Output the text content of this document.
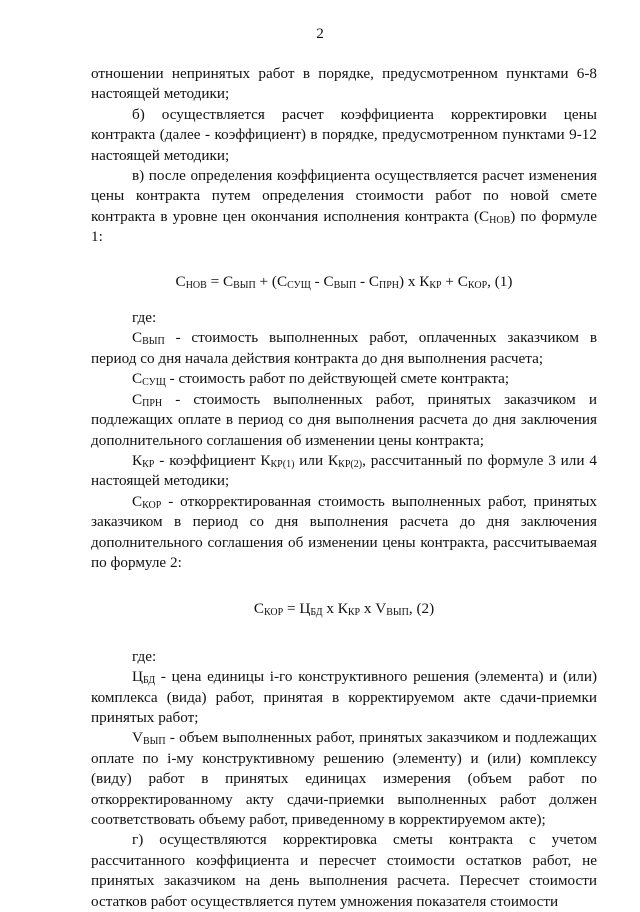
2

отношении непринятых работ в порядке, предусмотренном пунктами 6-8 настоящей методики;

б) осуществляется расчет коэффициента корректировки цены контракта (далее - коэффициент) в порядке, предусмотренном пунктами 9-12 настоящей методики;

в) после определения коэффициента осуществляется расчет изменения цены контракта путем определения стоимости работ по новой смете контракта в уровне цен окончания исполнения контракта $(С_{НОВ})$ по формуле 1:

$С_{НОВ} = С_{ВЫП} + (С_{СУЩ} - С_{ВЫП} - С_{ПРН})$ х $К_{КР} + С_{КОР}$, (1)

где:

$С_{ВЫП}$ - стоимость выполненных работ, оплаченных заказчиком в период со дня начала действия контракта до дня выполнения расчета;

$С_{СУЩ}$ - стоимость работ по действующей смете контракта;

$С_{ПРН}$ - стоимость выполненных работ, принятых заказчиком и подлежащих оплате в период со дня выполнения расчета до дня заключения дополнительного соглашения об изменении цены контракта;

$К_{КР}$ - коэффициент $К_{КР(1)}$ или $К_{КР(2)}$, рассчитанный по формуле 3 или 4 настоящей методики;

$С_{КОР}$ - откорректированная стоимость выполненных работ, принятых заказчиком в период со дня выполнения расчета до дня заключения дополнительного соглашения об изменении цены контракта, рассчитываемая по формуле 2:

$С_{КОР} = Ц_{БД}$ х $К_{КР}$ х $V_{ВЫП}$, (2)

где:

$Ц_{БД}$ - цена единицы i-го конструктивного решения (элемента) и (или) комплекса (вида) работ, принятая в корректируемом акте сдачи-приемки принятых работ;

$V_{ВЫП}$ - объем выполненных работ, принятых заказчиком и подлежащих оплате по i-му конструктивному решению (элементу) и (или) комплексу (виду) работ в принятых единицах измерения (объем работ по откорректированному акту сдачи-приемки выполненных работ должен соответствовать объему работ, приведенному в корректируемом акте);

г) осуществляются корректировка сметы контракта с учетом рассчитанного коэффициента и пересчет стоимости остатков работ, не принятых заказчиком на день выполнения расчета. Пересчет стоимости остатков работ осуществляется путем умножения показателя стоимости
